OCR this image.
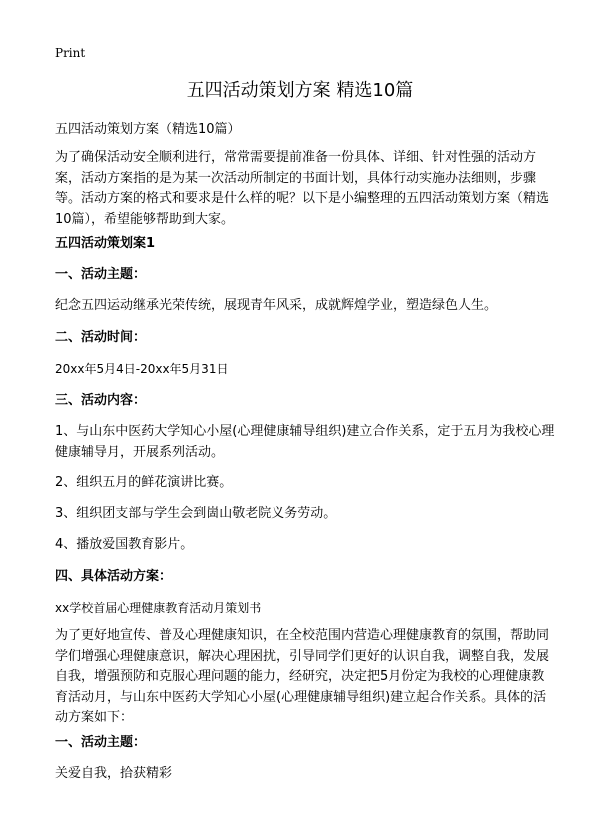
Print
五四活动策划方案 精选10篇

五四活动策划方案（精选10篇）

为了确保活动安全顺利进行，常常需要提前准备一份具体、详细、针对性强的活动方案，活动方案指的是为某一次活动所制定的书面计划，具体行动实施办法细则，步骤等。活动方案的格式和要求是什么样的呢？以下是小编整理的五四活动策划方案（精选10篇），希望能够帮助到大家。

五四活动策划案1

一、活动主题：

纪念五四运动继承光荣传统，展现青年风采，成就辉煌学业，塑造绿色人生。

二、活动时间：

20xx年5月4日-20xx年5月31日

三、活动内容：

1、与山东中医药大学知心小屋(心理健康辅导组织)建立合作关系，定于五月为我校心理健康辅导月，开展系列活动。

2、组织五月的鲜花演讲比赛。

3、组织团支部与学生会到崮山敬老院义务劳动。

4、播放爱国教育影片。

四、具体活动方案：

xx学校首届心理健康教育活动月策划书

为了更好地宣传、普及心理健康知识，在全校范围内营造心理健康教育的氛围，帮助同学们增强心理健康意识，解决心理困扰，引导同学们更好的认识自我，调整自我，发展自我，增强预防和克服心理问题的能力，经研究，决定把5月份定为我校的心理健康教育活动月，与山东中医药大学知心小屋(心理健康辅导组织)建立起合作关系。具体的活动方案如下：

一、活动主题：

关爱自我，拾获精彩
